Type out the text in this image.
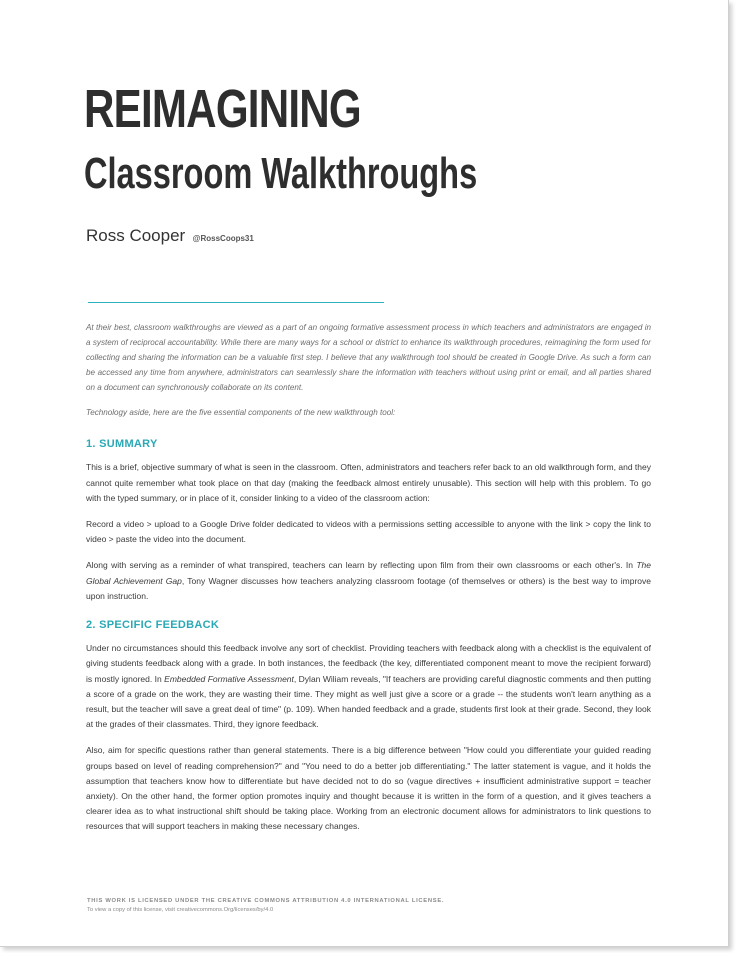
REIMAGINING
Classroom Walkthroughs
Ross Cooper @RossCoops31

At their best, classroom walkthroughs are viewed as a part of an ongoing formative assessment process in which teachers and administrators are engaged in a system of reciprocal accountability. While there are many ways for a school or district to enhance its walkthrough procedures, reimagining the form used for collecting and sharing the information can be a valuable first step. I believe that any walkthrough tool should be created in Google Drive. As such a form can be accessed any time from anywhere, administrators can seamlessly share the information with teachers without using print or email, and all parties shared on a document can synchronously collaborate on its content.

Technology aside, here are the five essential components of the new walkthrough tool:

1. SUMMARY

This is a brief, objective summary of what is seen in the classroom. Often, administrators and teachers refer back to an old walkthrough form, and they cannot quite remember what took place on that day (making the feedback almost entirely unusable). This section will help with this problem. To go with the typed summary, or in place of it, consider linking to a video of the classroom action:

Record a video > upload to a Google Drive folder dedicated to videos with a permissions setting accessible to anyone with the link > copy the link to video > paste the video into the document.

Along with serving as a reminder of what transpired, teachers can learn by reflecting upon film from their own classrooms or each other's. In The Global Achievement Gap, Tony Wagner discusses how teachers analyzing classroom footage (of themselves or others) is the best way to improve upon instruction.

2. SPECIFIC FEEDBACK

Under no circumstances should this feedback involve any sort of checklist. Providing teachers with feedback along with a checklist is the equivalent of giving students feedback along with a grade. In both instances, the feedback (the key, differentiated component meant to move the recipient forward) is mostly ignored. In Embedded Formative Assessment, Dylan Wiliam reveals, "If teachers are providing careful diagnostic comments and then putting a score of a grade on the work, they are wasting their time. They might as well just give a score or a grade -- the students won't learn anything as a result, but the teacher will save a great deal of time" (p. 109). When handed feedback and a grade, students first look at their grade. Second, they look at the grades of their classmates. Third, they ignore feedback.

Also, aim for specific questions rather than general statements. There is a big difference between "How could you differentiate your guided reading groups based on level of reading comprehension?" and "You need to do a better job differentiating." The latter statement is vague, and it holds the assumption that teachers know how to differentiate but have decided not to do so (vague directives + insufficient administrative support = teacher anxiety). On the other hand, the former option promotes inquiry and thought because it is written in the form of a question, and it gives teachers a clearer idea as to what instructional shift should be taking place. Working from an electronic document allows for administrators to link questions to resources that will support teachers in making these necessary changes.

THIS WORK IS LICENSED UNDER THE CREATIVE COMMONS ATTRIBUTION 4.0 INTERNATIONAL LICENSE.
To view a copy of this license, visit creativecommons.Org/licenses/by/4.0
